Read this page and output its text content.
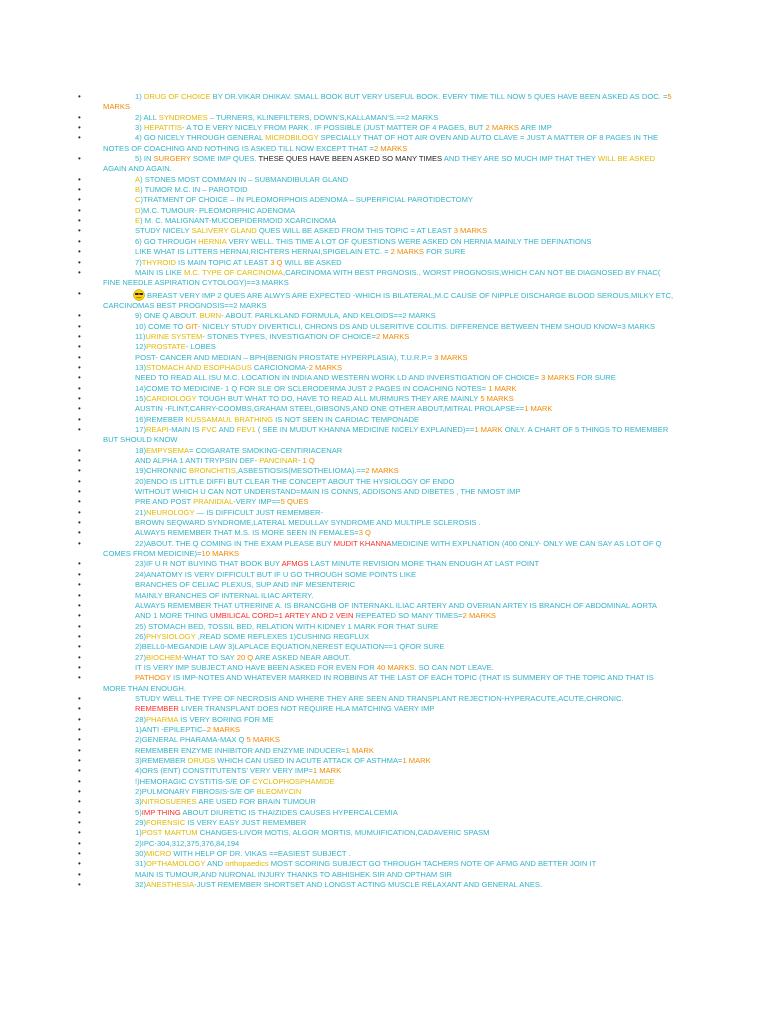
•	1) DRUG OF CHOICE BY DR.VIKAR DHIKAV. SMALL BOOK BUT VERY USEFUL BOOK. EVERY TIME TILL NOW 5 QUES HAVE BEEN ASKED AS DOC. =5 MARKS
•	2) ALL SYNDROMES – TURNERS, KLINEFILTERS, DOWN’S,KALLAMAN’S.==2 MARKS
•	3) HEPATITIS- A TO E VERY NICELY FROM PARK . IF POSSIBLE (JUST MATTER OF 4 PAGES, BUT 2 MARKS ARE IMP
•	4) GO NICELY THROUGH GENERAL MICROBILOGY SPECIALLY THAT OF HOT AIR OVEN AND AUTO CLAVE = JUST A MATTER OF 8 PAGES IN THE NOTES OF COACHING AND NOTHING IS ASKED TILL NOW EXCEPT THAT =2 MARKS
•	5) IN SURGERY SOME IMP QUES. THESE QUES HAVE BEEN ASKED SO MANY TIMES AND THEY ARE SO MUCH IMP THAT THEY WILL BE ASKED AGAIN AND AGAIN.
•	A) STONES MOST COMMAN IN – SUBMANDIBULAR GLAND
•	B) TUMOR M.C. IN – PAROTOID
•	C)TRATMENT OF CHOICE – IN PLEOMORPHOIS ADENOMA – SUPERFICIAL PAROTIDECTOMY
•	D)M.C. TUMOUR- PLEOMORPHIC ADENOMA
•	E) M. C. MALIGNANT-MUCOEPIDERMOID XCARCINOMA
•	STUDY NICELY SALIVERY GLAND QUES WILL BE ASKED FROM THIS TOPIC = AT LEAST 3 MARKS
•	6) GO THROUGH HERNIA VERY WELL. THIS TIME A LOT OF QUESTIONS WERE ASKED ON HERNIA MAINLY THE DEFINATIONS
•	LIKE WHAT IS LITTERS HERNAI,RICHTERS HERNAI,SPIGELAIN ETC. = 2 MARKS FOR SURE
•	7)THYROID IS MAIN TOPIC AT LEAST 3 Q WILL BE ASKED
•	MAIN IS LIKE M.C. TYPE OF CARCINOMA,CARCINOMA WITH BEST PRGNOSIS., WORST PROGNOSIS,WHICH CAN NOT BE DIAGNOSED BY FNAC( FINE NEEDLE ASPIRATION CYTOLOGY)==3 MARKS
•	BREAST VERY IMP 2 QUES ARE ALWYS ARE EXPECTED -WHICH IS BILATERAL,M.C CAUSE OF NIPPLE DISCHARGE BLOOD SEROUS,MILKY ETC, CARCINOMAS BEST PROGNOSIS==2 MARKS
•	9) ONE Q ABOUT. BURN- ABOUT. PARLKLAND FORMULA, AND KELOIDS==2 MARKS
•	10) COME TO GIT- NICELY STUDY DIVERTICLI, CHRONS DS AND ULSERITIVE COLITIS. DIFFERENCE BETWEEN THEM SHOUD KNOW=3 MARKS
•	11)URINE SYSTEM- STONES TYPES, INVESTIGATION OF CHOICE=2 MARKS
•	12)PROSTATE- LOBES
•	POST- CANCER AND MEDIAN – BPH(BENIGN PROSTATE HYPERPLASIA), T.U.R.P.= 3 MARKS
•	13)STOMACH AND ESOPHAGUS CARCIONOMA-2 MARKS
•	NEED TO READ ALL ISU M.C. LOCATION IN INDIA AND WESTERN WORK LD AND INVERSTIGATION OF CHOICE= 3 MARKS FOR SURE
•	14)COME TO MEDICINE- 1 Q FOR SLE OR SCLERODERMA JUST 2 PAGES IN COACHING NOTES= 1 MARK
•	15)CARDIOLOGY TOUGH BUT WHAT TO DO, HAVE TO READ ALL MURMURS THEY ARE MAINLY 5 MARKS
•	AUSTIN -FLINT,CARRY-COOMBS,GRAHAM STEEL,GIBSONS,AND ONE OTHER ABOUT,MITRAL PROLAPSE==1 MARK
•	16)REMEBER KUSSAMAUL BRATHING IS NOT SEEN IN CARDIAC TEMPONADE
•	17)REAPI-MAIN IS FVC AND FEV1 ( SEE IN MUDUT KHANNA MEDICINE NICELY EXPLAINED)==1 MARK ONLY. A CHART OF 5 THINGS TO REMEMBER BUT SHOULD KNOW
•	18)EMPYSEMA= COIGARATE SMOKING-CENTIRIACENAR
•	AND ALPHA 1 ANTI TRYPSIN DEF- PANCINAR- 1 Q
•	19)CHRONNIC BRONCHITIS,ASBESTIOSIS(MESOTHELIOMA).==2 MARKS
•	20)ENDO IS LITTLE DIFFI BUT CLEAR THE CONCEPT ABOUT THE HYSIOLOGY OF ENDO
•	WITHOUT WHICH U CAN NOT UNDERSTAND=MAIN IS CONNS, ADDISONS AND DIBETES , THE NMOST IMP
•	PRE AND POST PRANIDIAL-VERY IMP==5 QUES
•	21)NEUROLOGY — IS DIFFICULT JUST REMEMBER-
•	BROWN SEQWARD SYNDROME,LATERAL MEDULLAY SYNDROME AND MULTIPLE SCLEROSIS .
•	ALWAYS REMEMBER THAT M.S. IS MORE SEEN IN FEMALES=3 Q
•	22)ABOUT. THE Q COMING IN THE EXAM PLEASE BUY MUDIT KHANNAMEDICINE WITH EXPLNATION (400 ONLY- ONLY WE CAN SAY AS LOT OF Q COMES FROM MEDICINE)=10 MARKS
•	23)IF U R NOT BUYING THAT BOOK BUY AFMGS LAST MINUTE REVISION MORE THAN ENOUGH AT LAST POINT
•	24)ANATOMY IS VERY DIFFICULT BUT IF U GO THROUGH SOME POINTS LIKE
•	BRANCHES OF CELIAC PLEXUS, SUP AND INF MESENTERIC
•	MAINLY BRANCHES OF INTERNAL ILIAC ARTERY.
•	ALWAYS REMEMBER THAT UTRERINE A. IS BRANCGHB OF INTERNAKL ILIAC ARTERY AND OVERIAN ARTEY IS BRANCH OF ABDOMINAL AORTA
•	AND 1 MORE THING UMBILICAL CORD=1 ARTEY AND 2 VEIN REPEATED SO MANY TIMES=2 MARKS
•	25) STOMACH BED, TOSSIL BED, RELATION WITH KIDNEY 1 MARK FOR THAT SURE
•	26)PHYSIOLOGY ,READ SOME REFLEXES 1)CUSHING REGFLUX
•	2)BELL0-MEGANDIE LAW 3)LAPLACE EQUATION,NEREST EQUATION==1 QFOR SURE
•	27)BIOCHEM-WHAT TO SAY 20 Q ARE ASKED NEAR ABOUT.
•	IT IS VERY IMP SUBJECT AND HAVE BEEN ASKED FOR EVEN FOR 40 MARKS. SO CAN NOT LEAVE.
•	PATHOGY IS IMP-NOTES AND WHATEVER MARKED IN ROBBINS AT THE LAST OF EACH TOPIC (THAT IS SUMMERY OF THE TOPIC AND THAT IS MORE THAN ENOUGH.
•	STUDY WELL THE TYPE OF NECROSIS AND WHERE THEY ARE SEEN AND TRANSPLANT REJECTION-HYPERACUTE,ACUTE,CHRONIC.
•	REMEMBER LIVER TRANSPLANT DOES NOT REQUIRE HLA MATCHING VAERY IMP
•	28)PHARMA IS VERY BORING FOR ME
•	1)ANTI -EPILEPTIC–2 MARKS
•	2)GENERAL PHARAMA-MAX Q 5 MARKS
•	REMEMBER ENZYME INHIBITOR AND ENZYME INDUCER=1 MARK
•	3)REMEMBER DRUGS WHICH CAN USED IN ACUTE ATTACK OF ASTHMA=1 MARK
•	4)ORS (ENT) CONSTITUTENTS’ VERY VERY IMP=1 MARK
•	!)HEMORAGIC CYSTITIS-S/E OF CYCLOPHOSPHAMIDE
•	2)PULMONARY FIBROSIS-S/E OF BLEOMYCIN
•	3)NITROSUERES ARE USED FOR BRAIN TUMOUR
•	5)IMP THING ABOUT DIURETIC IS THAIZIDES CAUSES HYPERCALCEMIA
•	29)FORENSIC IS VERY EASY JUST REMEMBER
•	1)POST MARTUM CHANGES-LIVOR MOTIS, ALGOR MORTIS, MUMUIFICATION,CADAVERIC SPASM
•	2)IPC-304,312,375,376,84,194
•	30)MICRO WITH HELP OF DR. VIKAS ==EASIEST SUBJECT .
•	31)OPTHAMOLOGY AND orthopaedics MOST SCORING SUBJECT GO THROUGH TACHERS NOTE OF AFMG AND BETTER JOIN IT
•	MAIN IS TUMOUR,AND NURONAL INJURY THANKS TO ABHISHEK SIR AND OPTHAM SIR
•	32)ANESTHESIA-JUST REMEMBER SHORTSET AND LONGST ACTING MUSCLE RELAXANT AND GENERAL ANES.
